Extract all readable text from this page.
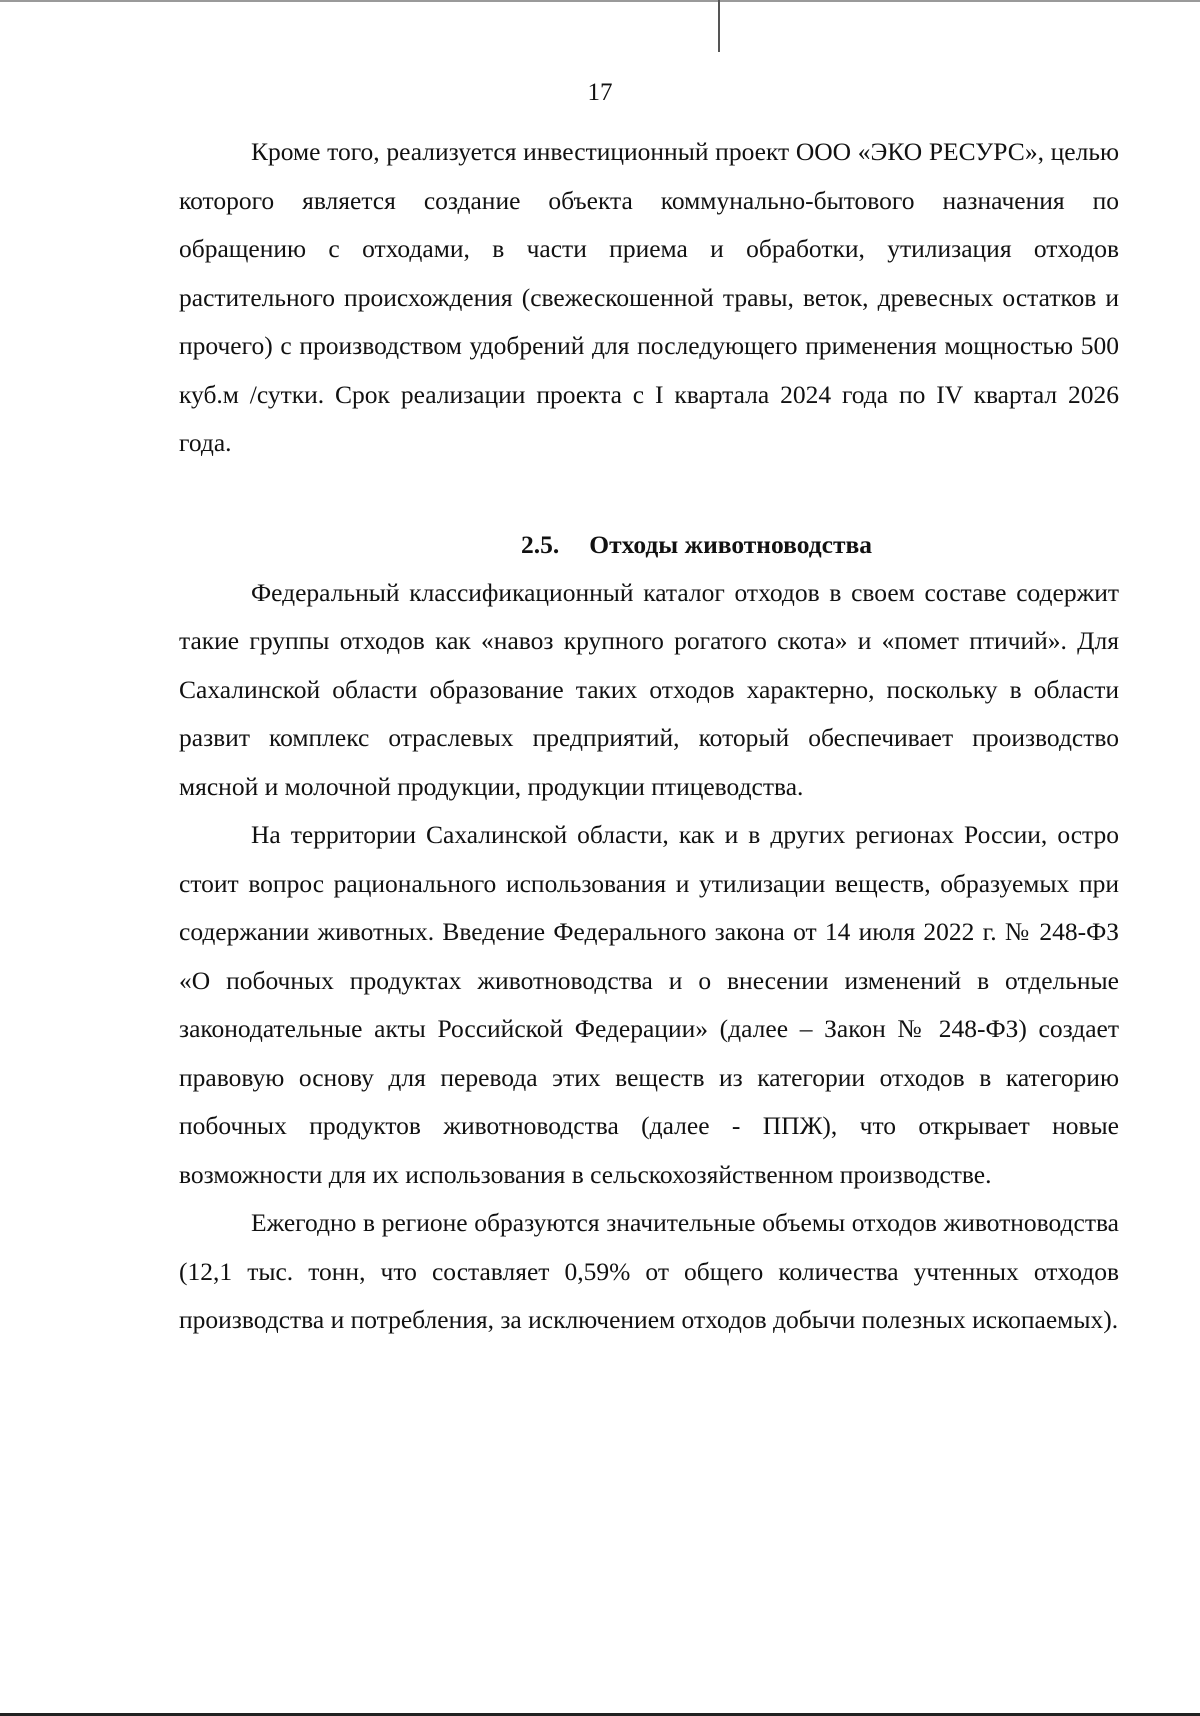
17

Кроме того, реализуется инвестиционный проект ООО «ЭКО РЕСУРС», целью которого является создание объекта коммунально-бытового назначения по обращению с отходами, в части приема и обработки, утилизация отходов растительного происхождения (свежескошенной травы, веток, древесных остатков и прочего) с производством удобрений для последующего применения мощностью 500 куб.м /сутки. Срок реализации проекта с I квартала 2024 года по IV квартал 2026 года.

2.5. Отходы животноводства

Федеральный классификационный каталог отходов в своем составе содержит такие группы отходов как «навоз крупного рогатого скота» и «помет птичий». Для Сахалинской области образование таких отходов характерно, поскольку в области развит комплекс отраслевых предприятий, который обеспечивает производство мясной и молочной продукции, продукции птицеводства.

На территории Сахалинской области, как и в других регионах России, остро стоит вопрос рационального использования и утилизации веществ, образуемых при содержании животных. Введение Федерального закона от 14 июля 2022 г. № 248-ФЗ «О побочных продуктах животноводства и о внесении изменений в отдельные законодательные акты Российской Федерации» (далее – Закон № 248-ФЗ) создает правовую основу для перевода этих веществ из категории отходов в категорию побочных продуктов животноводства (далее - ППЖ), что открывает новые возможности для их использования в сельскохозяйственном производстве.

Ежегодно в регионе образуются значительные объемы отходов животноводства (12,1 тыс. тонн, что составляет 0,59% от общего количества учтенных отходов производства и потребления, за исключением отходов добычи полезных ископаемых).
